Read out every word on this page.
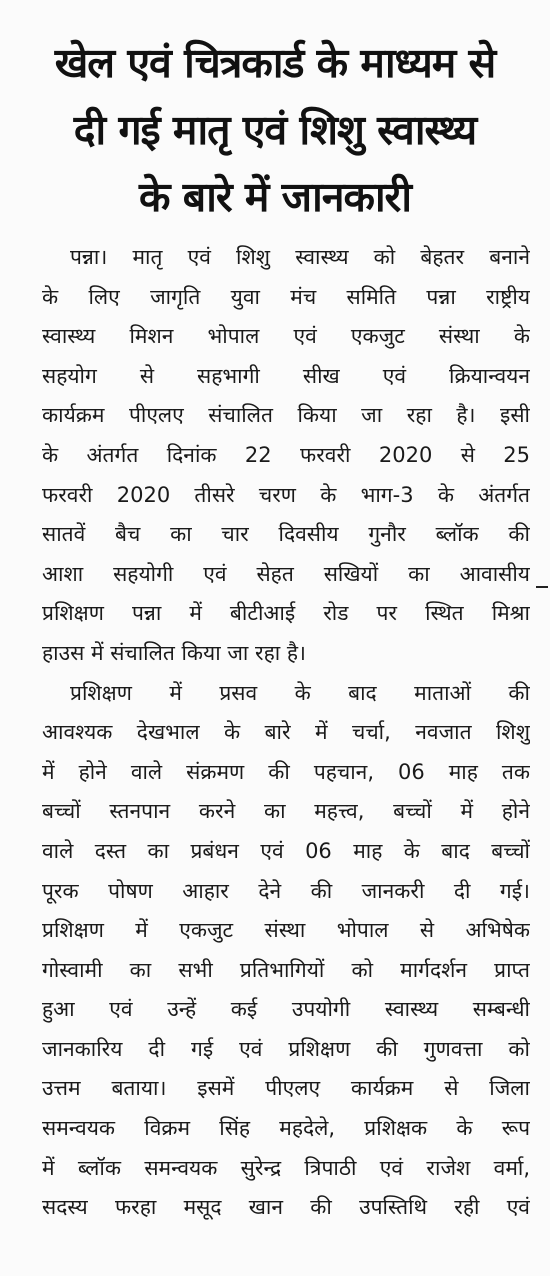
खेल एवं चित्रकार्ड के माध्यम से
दी गई मातृ एवं शिशु स्वास्थ्य
के बारे में जानकारी
पन्ना। मातृ एवं शिशु स्वास्थ्य को बेहतर बनाने
के लिए जागृति युवा मंच समिति पन्ना राष्ट्रीय
स्वास्थ्य मिशन भोपाल एवं एकजुट संस्था के
सहयोग से सहभागी सीख एवं क्रियान्वयन
कार्यक्रम पीएलए संचालित किया जा रहा है। इसी
के अंतर्गत दिनांक 22 फरवरी 2020 से 25
फरवरी 2020 तीसरे चरण के भाग-3 के अंतर्गत
सातवें बैच का चार दिवसीय गुनौर ब्लॉक की
आशा सहयोगी एवं सेहत सखियों का आवासीय
प्रशिक्षण पन्ना में बीटीआई रोड पर स्थित मिश्रा
हाउस में संचालित किया जा रहा है।
प्रशिक्षण में प्रसव के बाद माताओं की
आवश्यक देखभाल के बारे में चर्चा, नवजात शिशु
में होने वाले संक्रमण की पहचान, 06 माह तक
बच्चों स्तनपान करने का महत्त्व, बच्चों में होने
वाले दस्त का प्रबंधन एवं 06 माह के बाद बच्चों
पूरक पोषण आहार देने की जानकरी दी गई।
प्रशिक्षण में एकजुट संस्था भोपाल से अभिषेक
गोस्वामी का सभी प्रतिभागियों को मार्गदर्शन प्राप्त
हुआ एवं उन्हें कई उपयोगी स्वास्थ्य सम्बन्धी
जानकारिय दी गई एवं प्रशिक्षण की गुणवत्ता को
उत्तम बताया। इसमें पीएलए कार्यक्रम से जिला
समन्वयक विक्रम सिंह महदेले, प्रशिक्षक के रूप
में ब्लॉक समन्वयक सुरेन्द्र त्रिपाठी एवं राजेश वर्मा,
सदस्य फरहा मसूद खान की उपस्तिथि रही एवं
